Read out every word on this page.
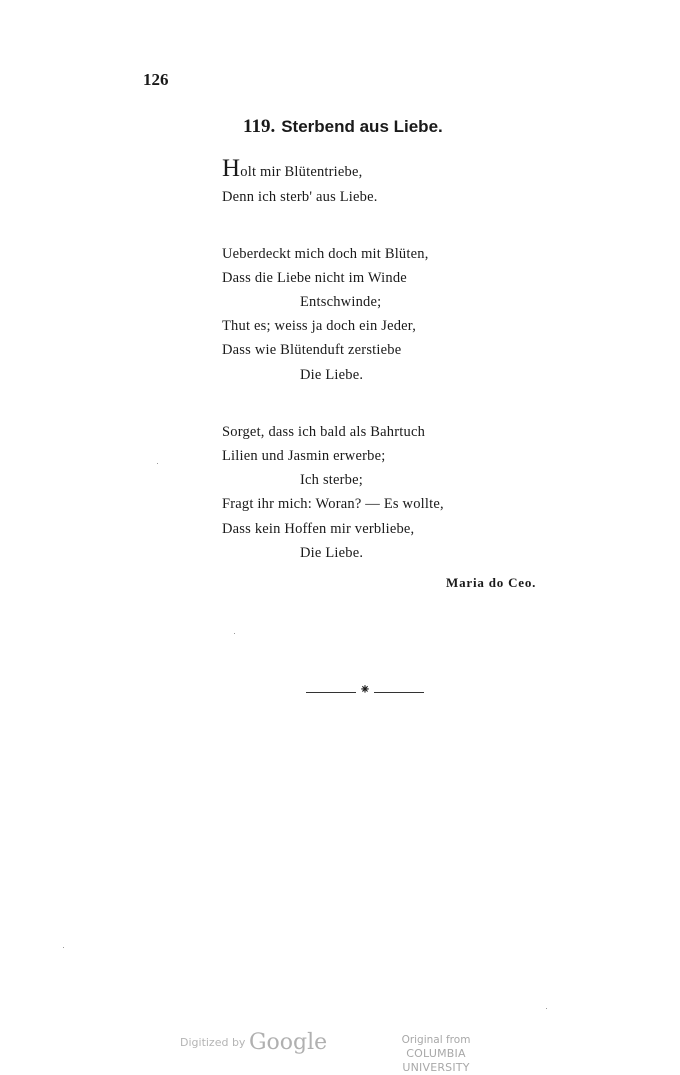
126
119. Sterbend aus Liebe.
Holt mir Blütentriebe,
Denn ich sterb' aus Liebe.
Ueberdeckt mich doch mit Blüten,
Dass die Liebe nicht im Winde
Entschwinde;
Thut es; weiss ja doch ein Jeder,
Dass wie Blütenduft zerstiebe
Die Liebe.
Sorget, dass ich bald als Bahrtuch
Lilien und Jasmin erwerbe;
Ich sterbe;
Fragt ihr mich: Woran? — Es wollte,
Dass kein Hoffen mir verbliebe,
Die Liebe.
Maria do Ceo.
⁕
Digitized by Google	Original from
COLUMBIA UNIVERSITY
